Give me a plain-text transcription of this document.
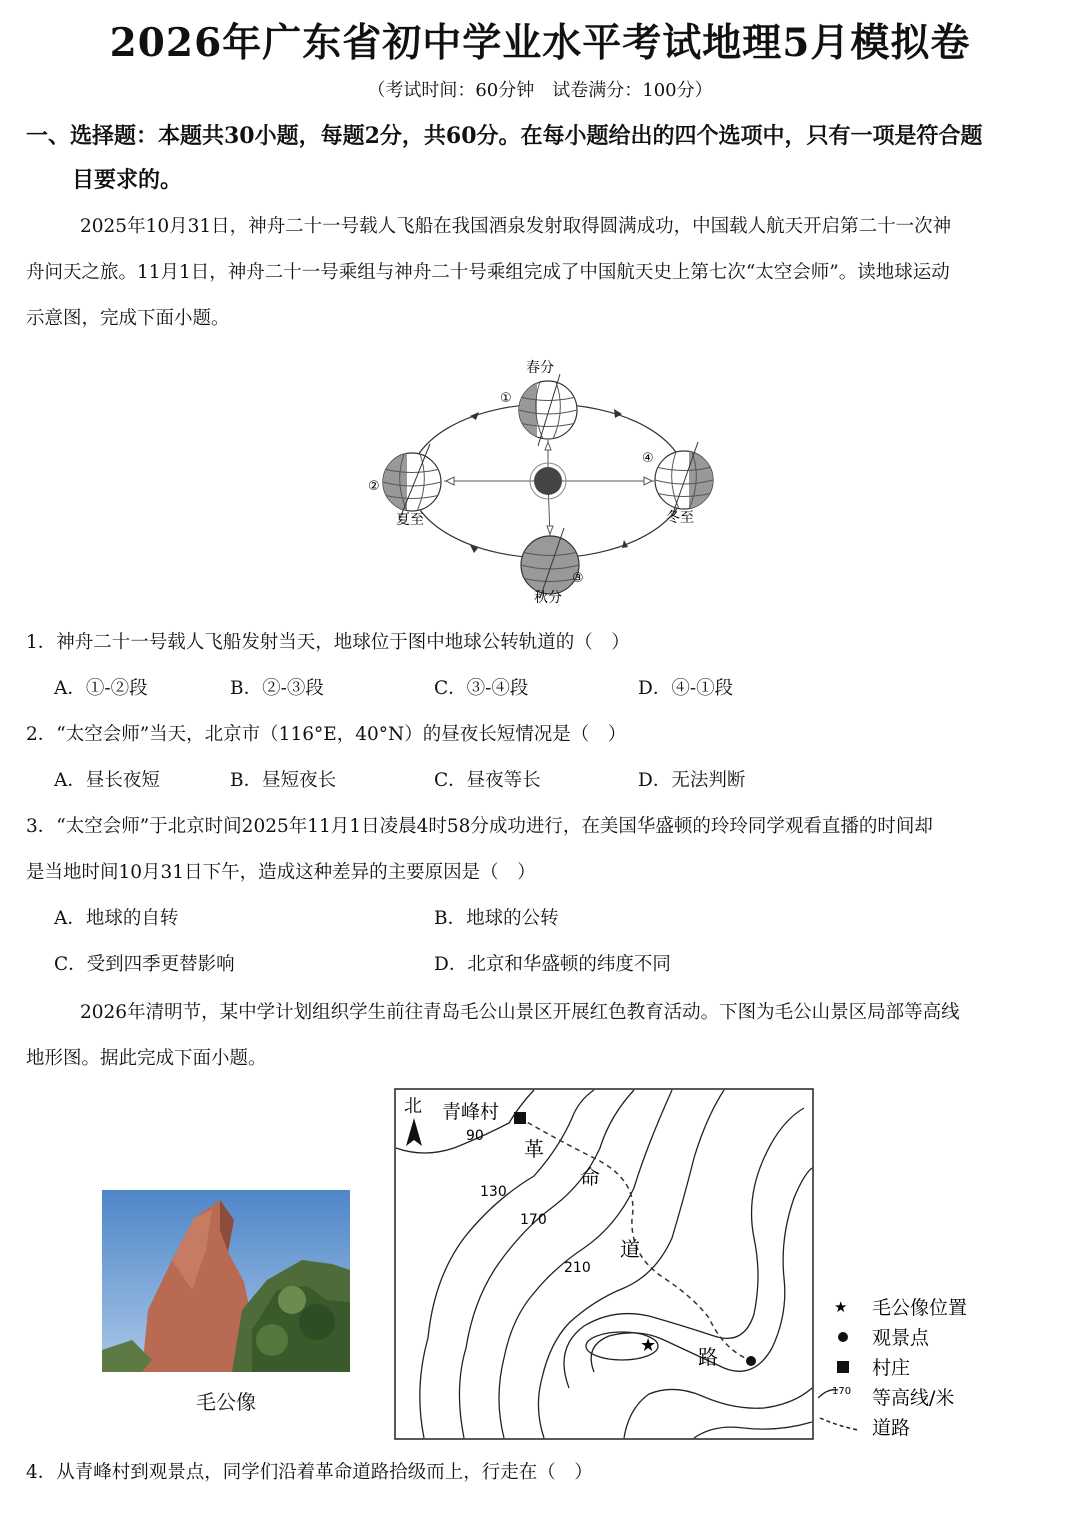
2026年广东省初中学业水平考试地理5月模拟卷
（考试时间：60分钟　试卷满分：100分）
一、选择题：本题共30小题，每题2分，共60分。在每小题给出的四个选项中，只有一项是符合题
目要求的。
2025年10月31日，神舟二十一号载人飞船在我国酒泉发射取得圆满成功，中国载人航天开启第二十一次神
舟问天之旅。11月1日，神舟二十一号乘组与神舟二十号乘组完成了中国航天史上第七次“太空会师”。读地球运动
示意图，完成下面小题。
春分
①
②
夏至
③
秋分
④
冬至
1．神舟二十一号载人飞船发射当天，地球位于图中地球公转轨道的（　）
A．①-②段	B．②-③段	C．③-④段	D．④-①段
2．“太空会师”当天，北京市（116°E，40°N）的昼夜长短情况是（　）
A．昼长夜短	B．昼短夜长	C．昼夜等长	D．无法判断
3．“太空会师”于北京时间2025年11月1日凌晨4时58分成功进行，在美国华盛顿的玲玲同学观看直播的时间却
是当地时间10月31日下午，造成这种差异的主要原因是（　）
A．地球的自转	B．地球的公转
C．受到四季更替影响	D．北京和华盛顿的纬度不同
2026年清明节，某中学计划组织学生前往青岛毛公山景区开展红色教育活动。下图为毛公山景区局部等高线
地形图。据此完成下面小题。
毛公像
★
北 青峰村
90
130
170
210
革
命
道
路
★ 毛公像位置
观景点
村庄
170 等高线/米
道路
4．从青峰村到观景点，同学们沿着革命道路拾级而上，行走在（　）
